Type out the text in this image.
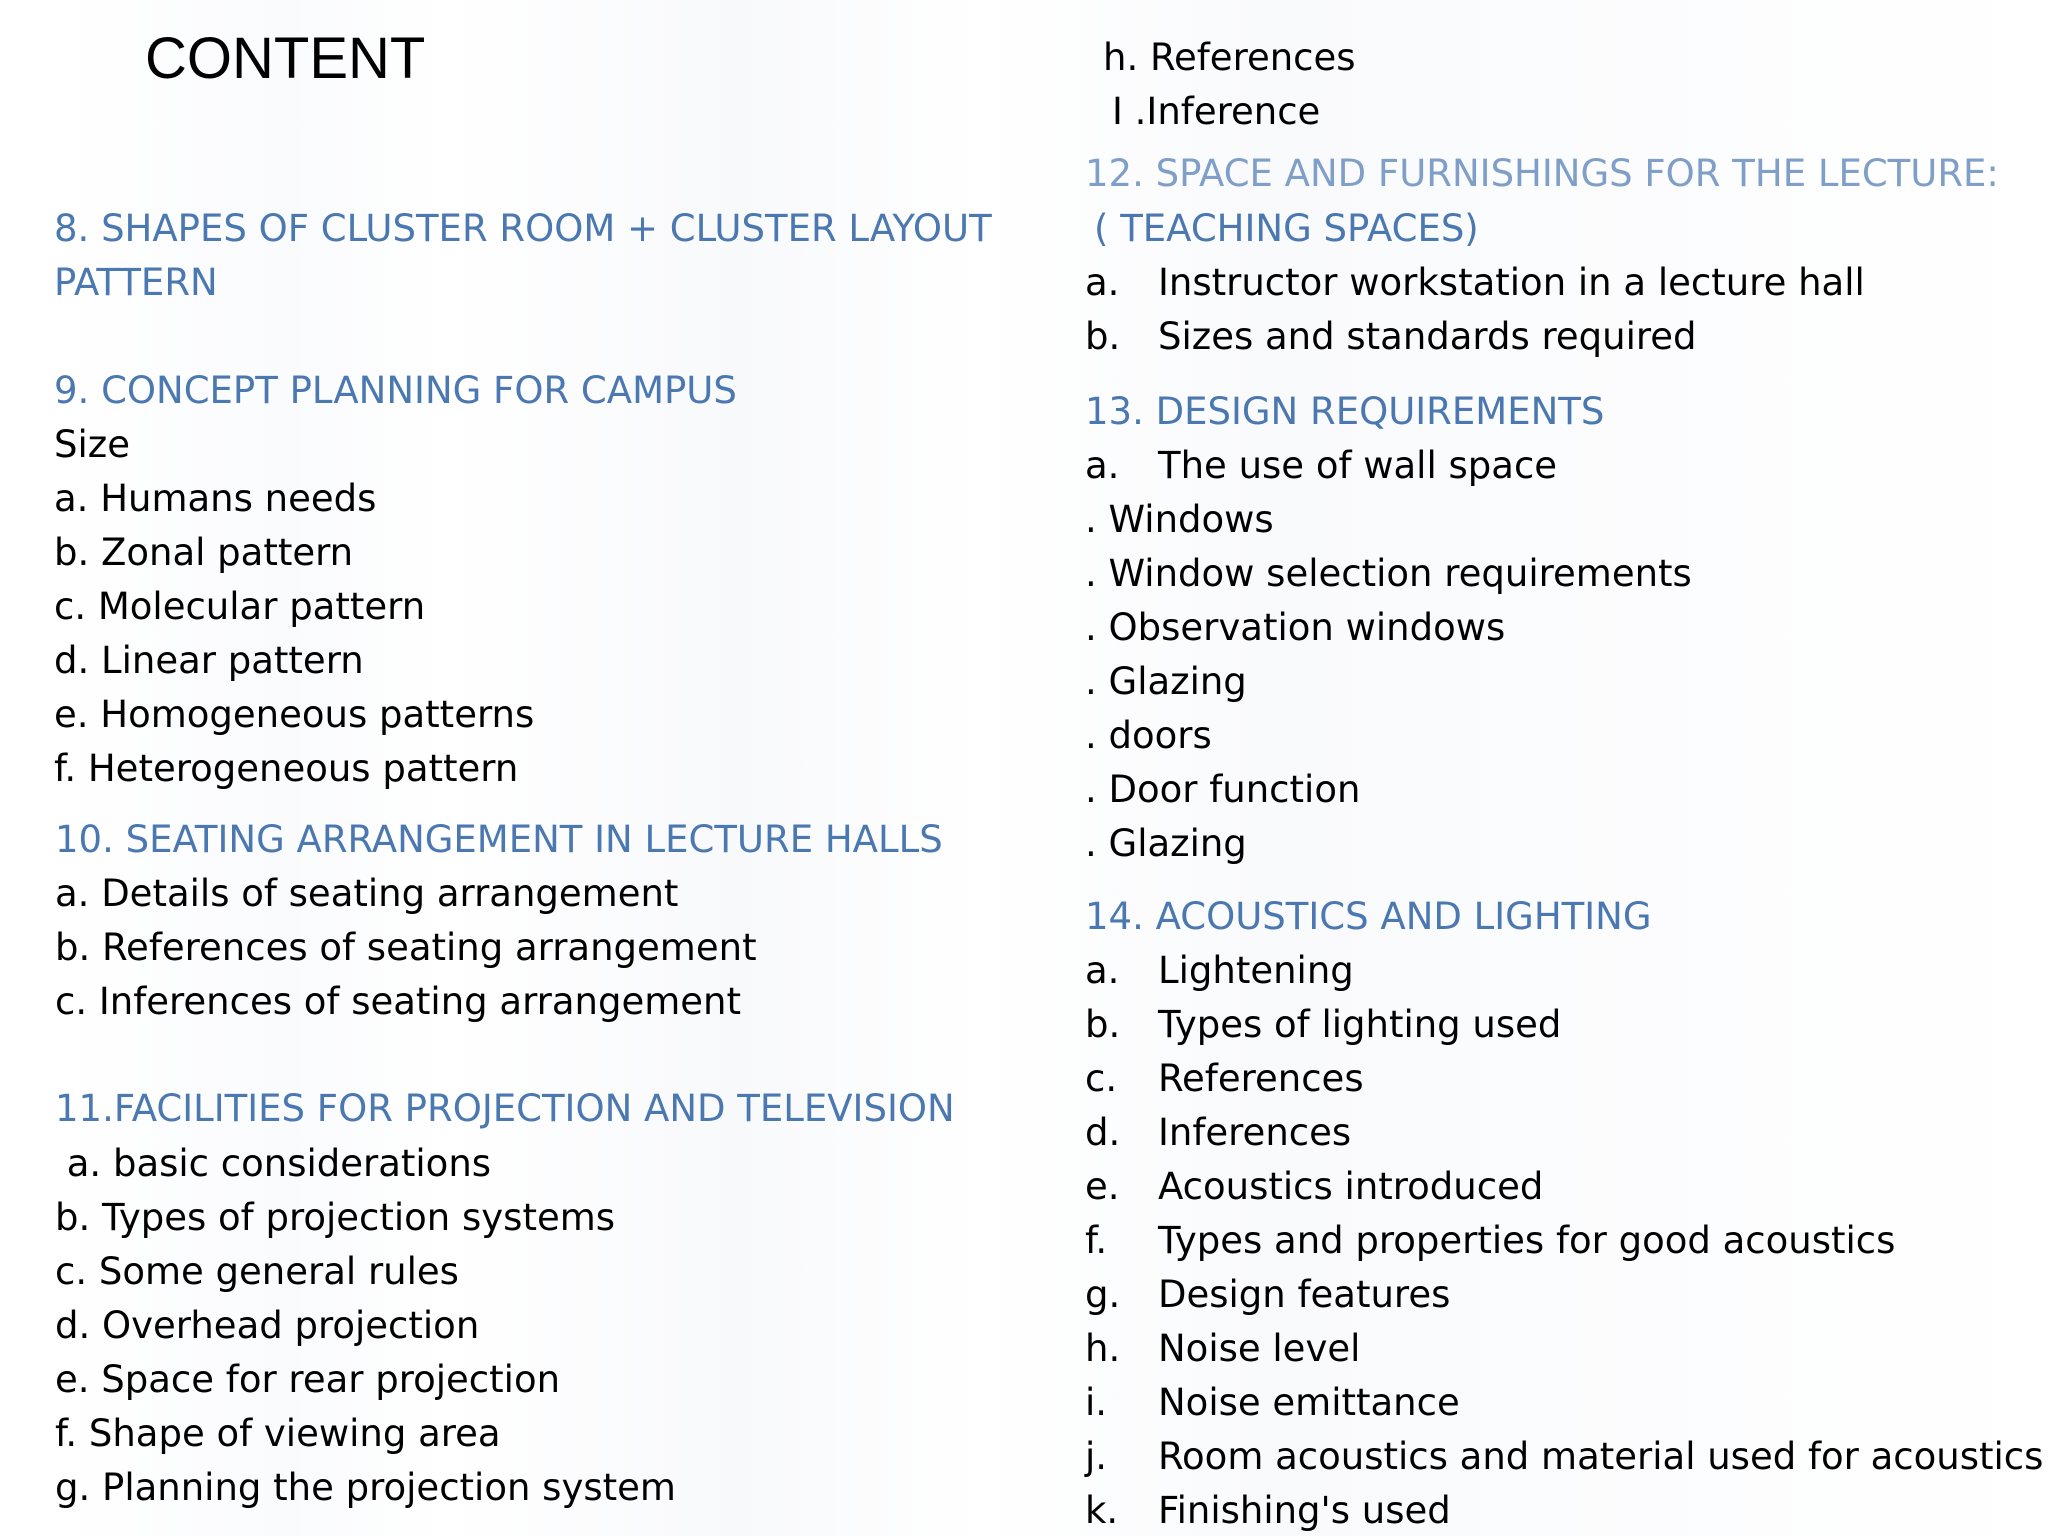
CONTENT
8. SHAPES OF CLUSTER ROOM + CLUSTER LAYOUT
PATTERN
9. CONCEPT PLANNING FOR CAMPUS
Size
a. Humans needs
b. Zonal pattern
c. Molecular pattern
d. Linear pattern
e. Homogeneous patterns
f. Heterogeneous pattern
10. SEATING ARRANGEMENT IN LECTURE HALLS
a. Details of seating arrangement
b. References of seating arrangement
c. Inferences of seating arrangement
11.FACILITIES FOR PROJECTION AND TELEVISION
a. basic considerations
b. Types of projection systems
c. Some general rules
d. Overhead projection
e. Space for rear projection
f. Shape of viewing area
g. Planning the projection system
h. References
I .Inference
12. SPACE AND FURNISHINGS FOR THE LECTURE:
( TEACHING SPACES)
a. Instructor workstation in a lecture hall
b. Sizes and standards required
13. DESIGN REQUIREMENTS
a. The use of wall space
. Windows
. Window selection requirements
. Observation windows
. Glazing
. doors
. Door function
. Glazing
14. ACOUSTICS AND LIGHTING
a. Lightening
b. Types of lighting used
c. References
d. Inferences
e. Acoustics introduced
f. Types and properties for good acoustics
g. Design features
h. Noise level
i. Noise emittance
j. Room acoustics and material used for acoustics
k. Finishing's used
